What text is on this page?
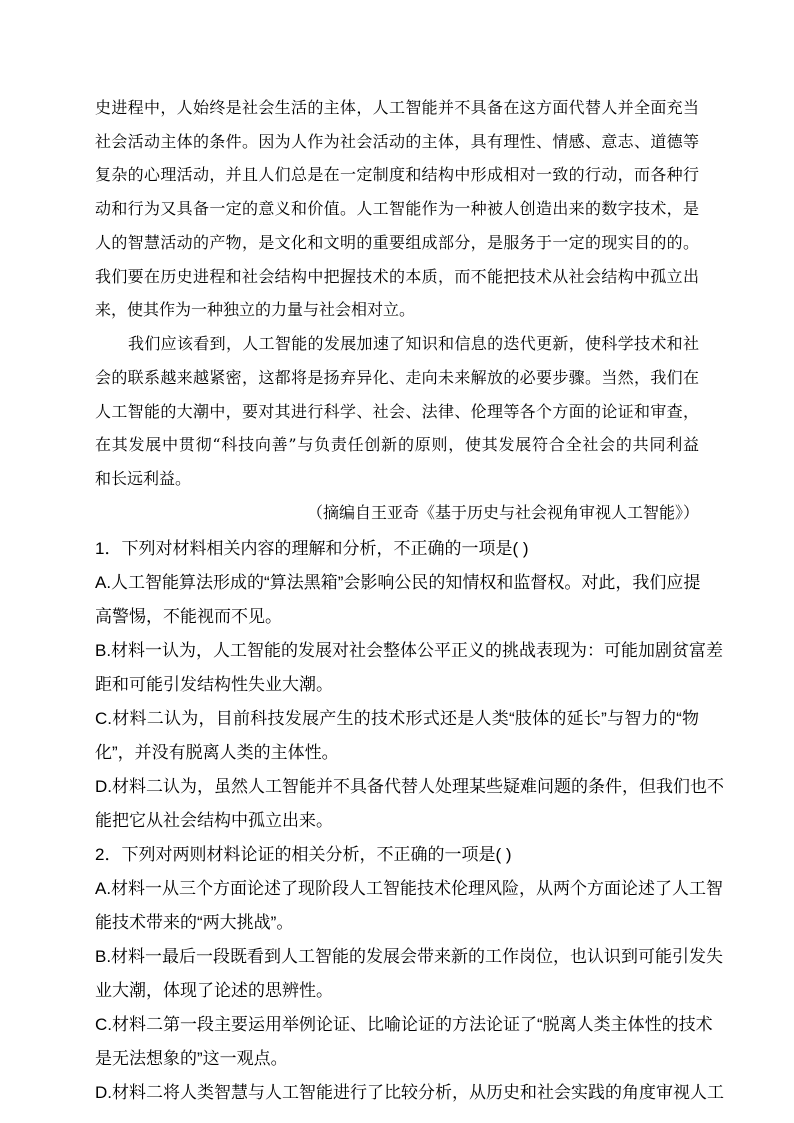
史进程中，人始终是社会生活的主体，人工智能并不具备在这方面代替人并全面充当
社会活动主体的条件。因为人作为社会活动的主体，具有理性、情感、意志、道德等
复杂的心理活动，并且人们总是在一定制度和结构中形成相对一致的行动，而各种行
动和行为又具备一定的意义和价值。人工智能作为一种被人创造出来的数字技术，是
人的智慧活动的产物，是文化和文明的重要组成部分，是服务于一定的现实目的的。
我们要在历史进程和社会结构中把握技术的本质，而不能把技术从社会结构中孤立出
来，使其作为一种独立的力量与社会相对立。
我们应该看到，人工智能的发展加速了知识和信息的迭代更新，使科学技术和社
会的联系越来越紧密，这都将是扬弃异化、走向未来解放的必要步骤。当然，我们在
人工智能的大潮中，要对其进行科学、社会、法律、伦理等各个方面的论证和审查，
在其发展中贯彻“科技向善”与负责任创新的原则，使其发展符合全社会的共同利益
和长远利益。
（摘编自王亚奇《基于历史与社会视角审视人工智能》）
1．下列对材料相关内容的理解和分析，不正确的一项是( )
A.人工智能算法形成的“算法黑箱”会影响公民的知情权和监督权。对此，我们应提
高警惕，不能视而不见。
B.材料一认为，人工智能的发展对社会整体公平正义的挑战表现为：可能加剧贫富差
距和可能引发结构性失业大潮。
C.材料二认为，目前科技发展产生的技术形式还是人类“肢体的延长”与智力的“物
化”，并没有脱离人类的主体性。
D.材料二认为，虽然人工智能并不具备代替人处理某些疑难问题的条件，但我们也不
能把它从社会结构中孤立出来。
2．下列对两则材料论证的相关分析，不正确的一项是( )
A.材料一从三个方面论述了现阶段人工智能技术伦理风险，从两个方面论述了人工智
能技术带来的“两大挑战”。
B.材料一最后一段既看到人工智能的发展会带来新的工作岗位，也认识到可能引发失
业大潮，体现了论述的思辨性。
C.材料二第一段主要运用举例论证、比喻论证的方法论证了“脱离人类主体性的技术
是无法想象的”这一观点。
D.材料二将人类智慧与人工智能进行了比较分析，从历史和社会实践的角度审视人工
